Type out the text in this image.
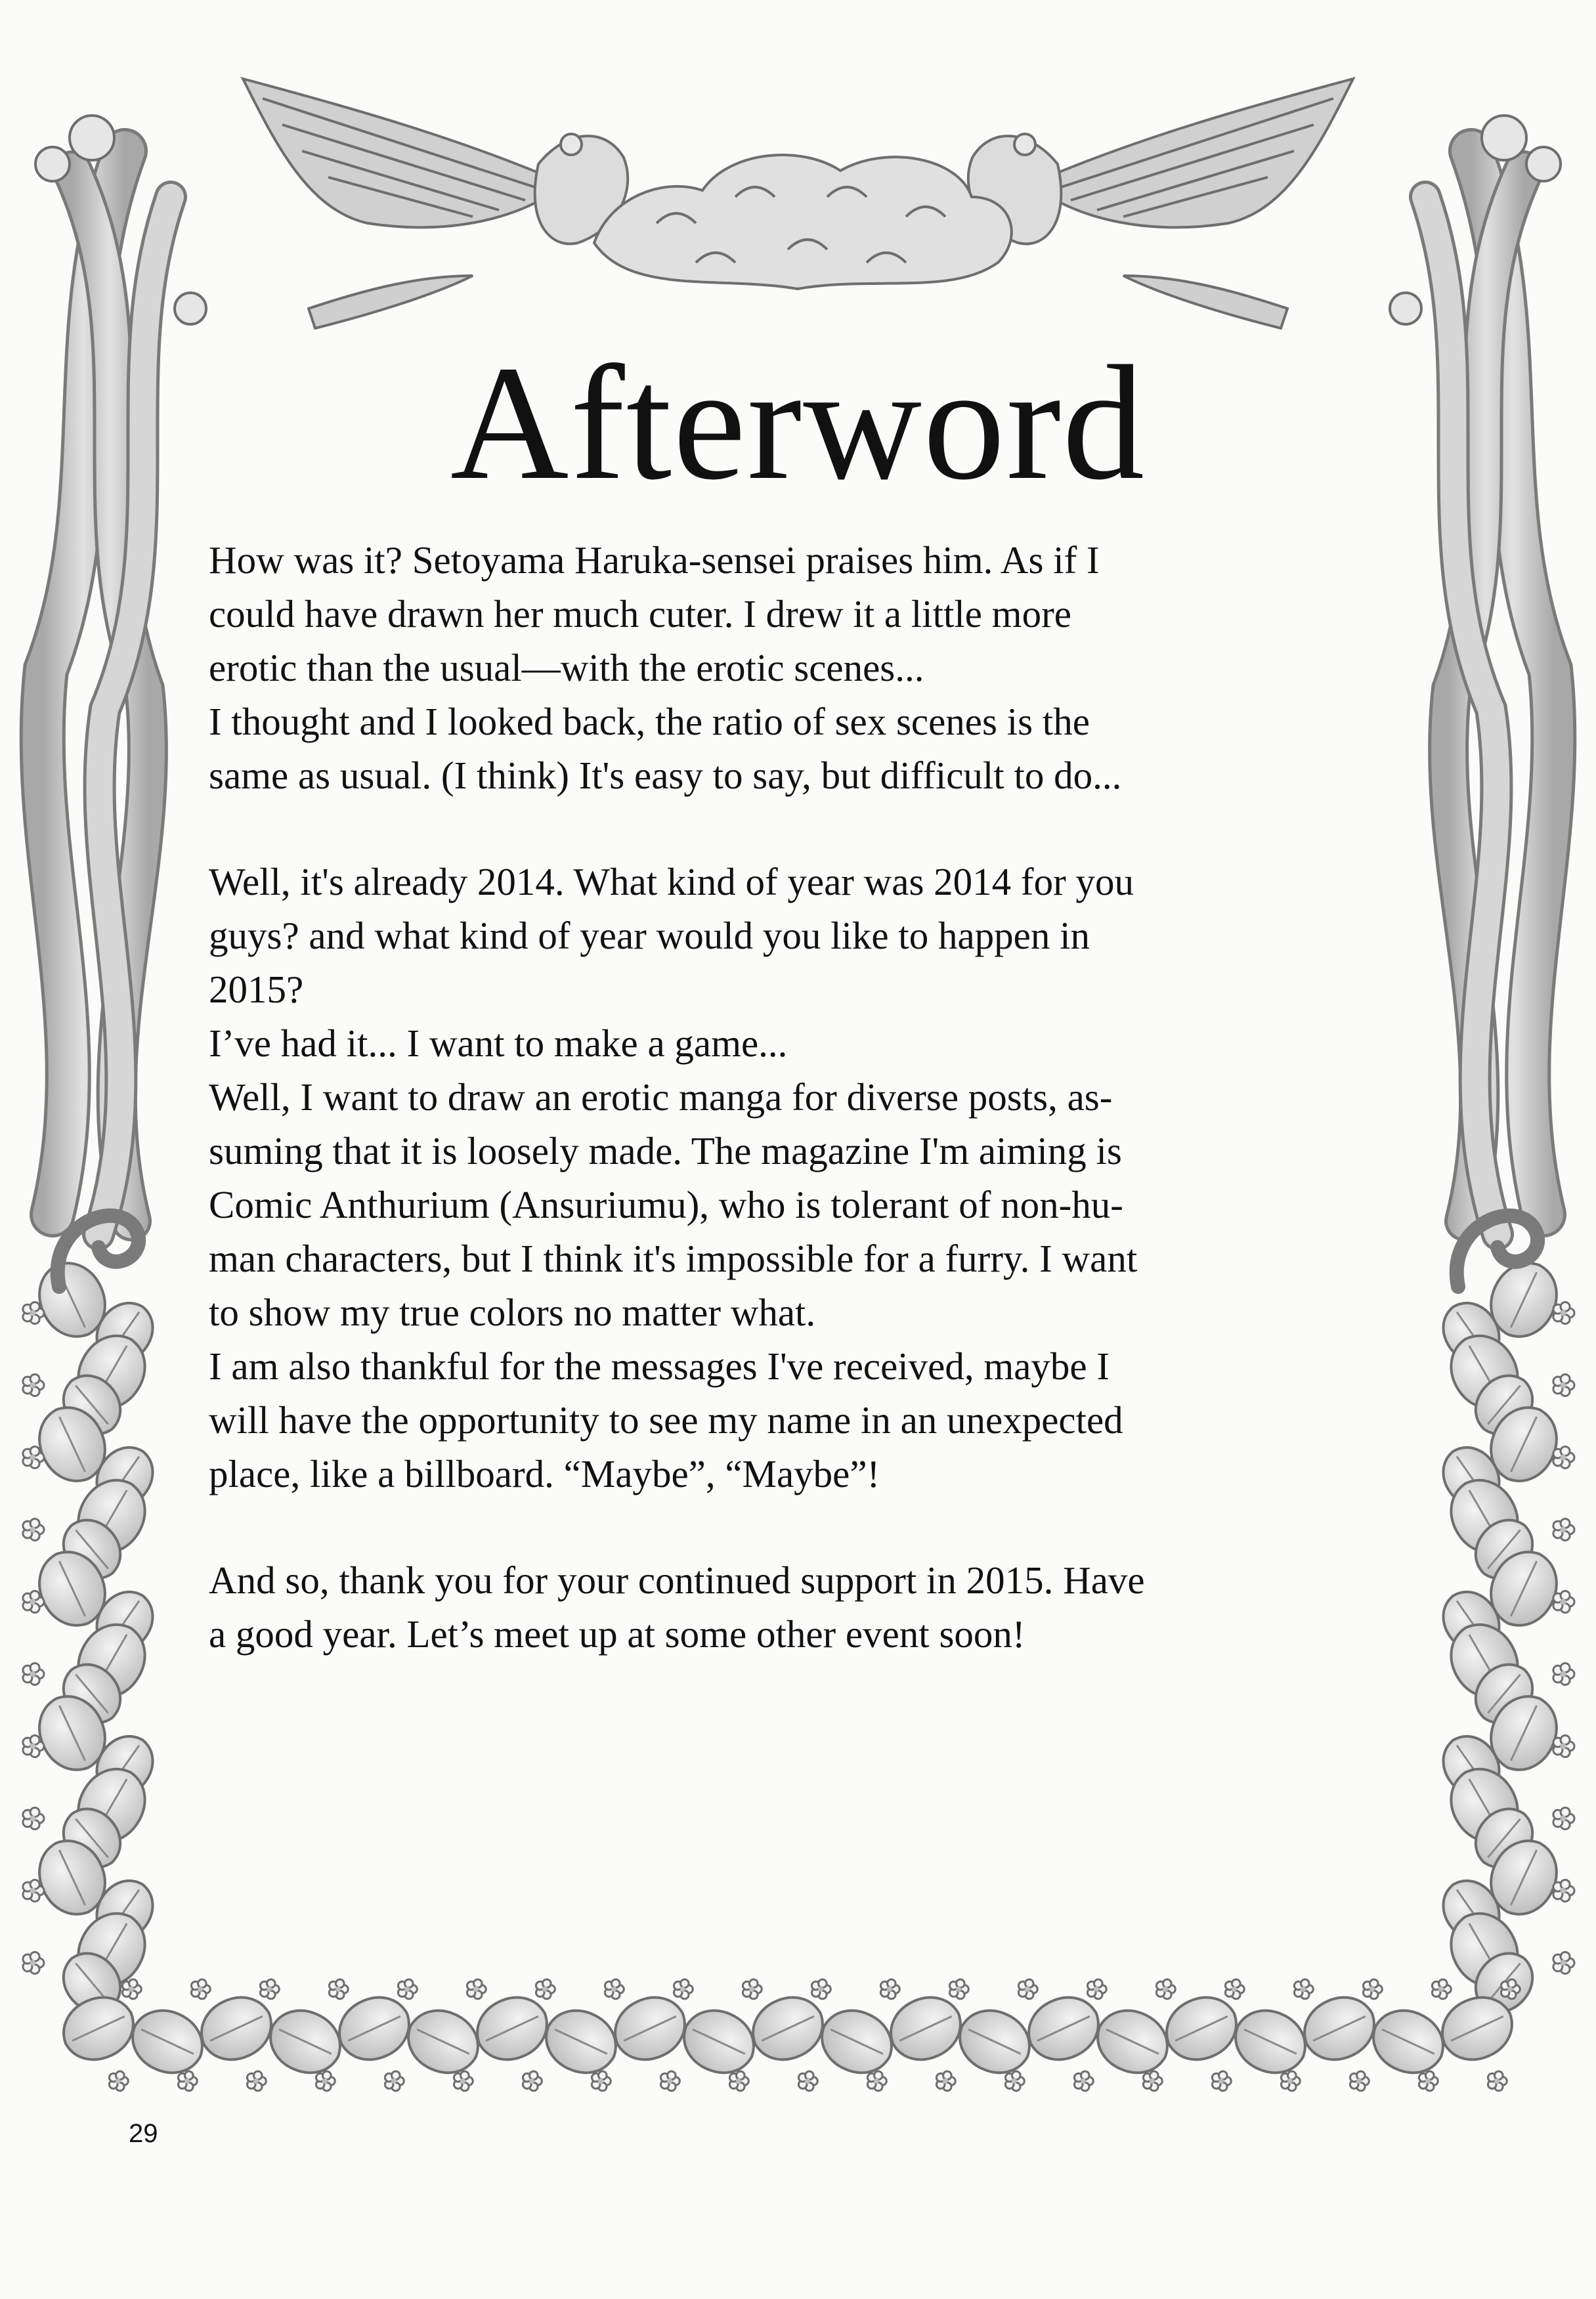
Afterword
How was it? Setoyama Haruka-sensei praises him. As if I
could have drawn her much cuter. I drew it a little more
erotic than the usual—with the erotic scenes...
I thought and I looked back, the ratio of sex scenes is the
same as usual. (I think) It's easy to say, but difficult to do...
Well, it's already 2014. What kind of year was 2014 for you
guys? and what kind of year would you like to happen in
2015?
I’ve had it... I want to make a game...
Well, I want to draw an erotic manga for diverse posts, as-
suming that it is loosely made. The magazine I'm aiming is
Comic Anthurium (Ansuriumu), who is tolerant of non-hu-
man characters, but I think it's impossible for a furry. I want
to show my true colors no matter what.
I am also thankful for the messages I've received, maybe I
will have the opportunity to see my name in an unexpected
place, like a billboard. “Maybe”, “Maybe”!
And so, thank you for your continued support in 2015. Have
a good year. Let’s meet up at some other event soon!
29
